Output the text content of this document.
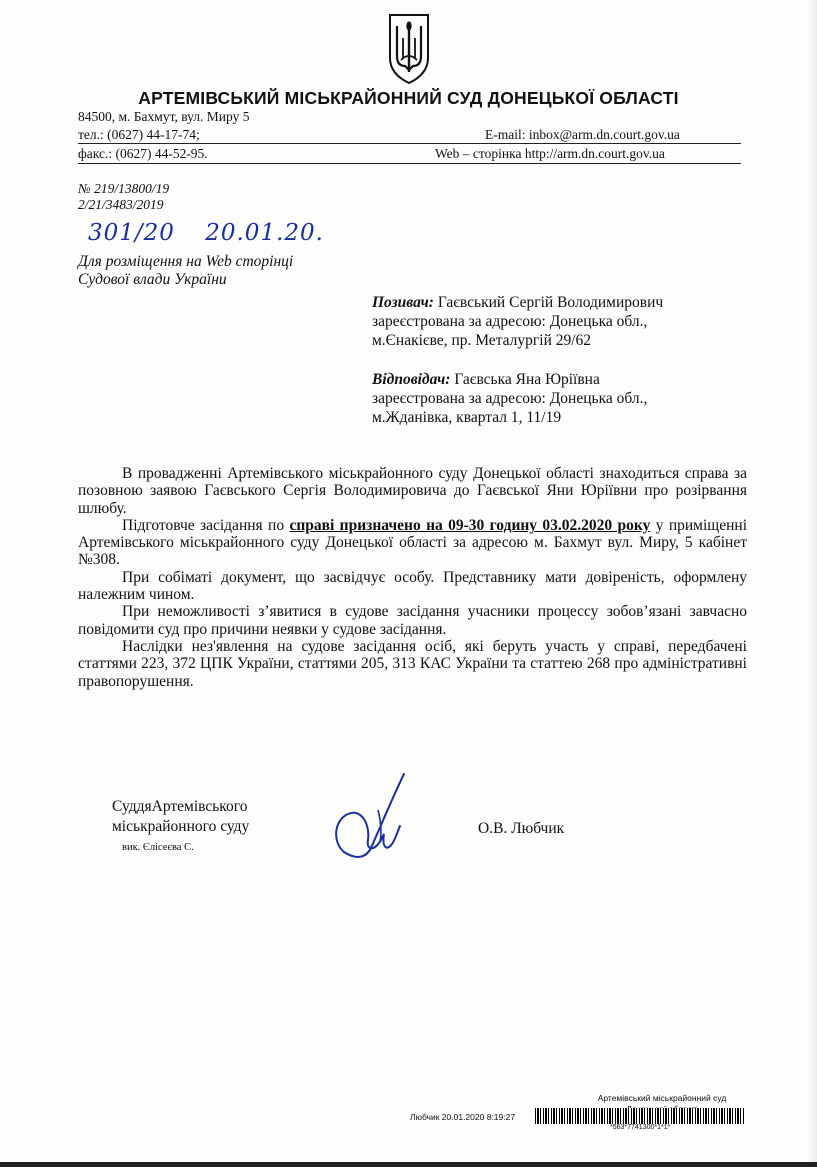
АРТЕМІВСЬКИЙ МІСЬКРАЙОННИЙ СУД ДОНЕЦЬКОЇ ОБЛАСТІ
84500, м. Бахмут, вул. Миру 5
тел.: (0627) 44-17-74;	E-mail: inbox@arm.dn.court.gov.ua
факс.: (0627) 44-52-95.	Web – сторінка http://arm.dn.court.gov.ua
№ 219/13800/19
2/21/3483/2019
301/20 20.01.20.
Для розміщення на Web сторінці
Судової влади України
Позивач: Гаєвський Сергій Володимирович
зареєстрована за адресою: Донецька обл.,
м.Єнакієве, пр. Металургій 29/62
Відповідач: Гаєвська Яна Юріївна
зареєстрована за адресою: Донецька обл.,
м.Жданівка, квартал 1, 11/19

В провадженні Артемівського міськрайонного суду Донецької області знаходиться справа за позовною заявою Гаєвського Сергія Володимировича до Гаєвської Яни Юріївни про розірвання шлюбу.

Підготовче засідання по справі призначено на 09-30 годину 03.02.2020 року у приміщенні Артемівського міськрайонного суду Донецької області за адресою м. Бахмут вул. Миру, 5 кабінет №308.

При собіматі документ, що засвідчує особу. Представнику мати довіреність, оформлену належним чином.

При неможливості з’явитися в судове засідання учасники процессу зобов’язані завчасно повідомити суд про причини неявки у судове засідання.

Наслідки нез'явлення на судове засідання осіб, які беруть участь у справі, передбачені статтями 223, 372 ЦПК України, статтями 205, 313 КАС України та статтею 268 про адміністративні правопорушення.

СуддяАртемівського
міськрайонного суду
вик. Єлісеєва С.
О.В. Любчик
Артемівський міськрайонний суд
Любчик 20.01.2020 8:19:27
*563*7741300*1*1*
